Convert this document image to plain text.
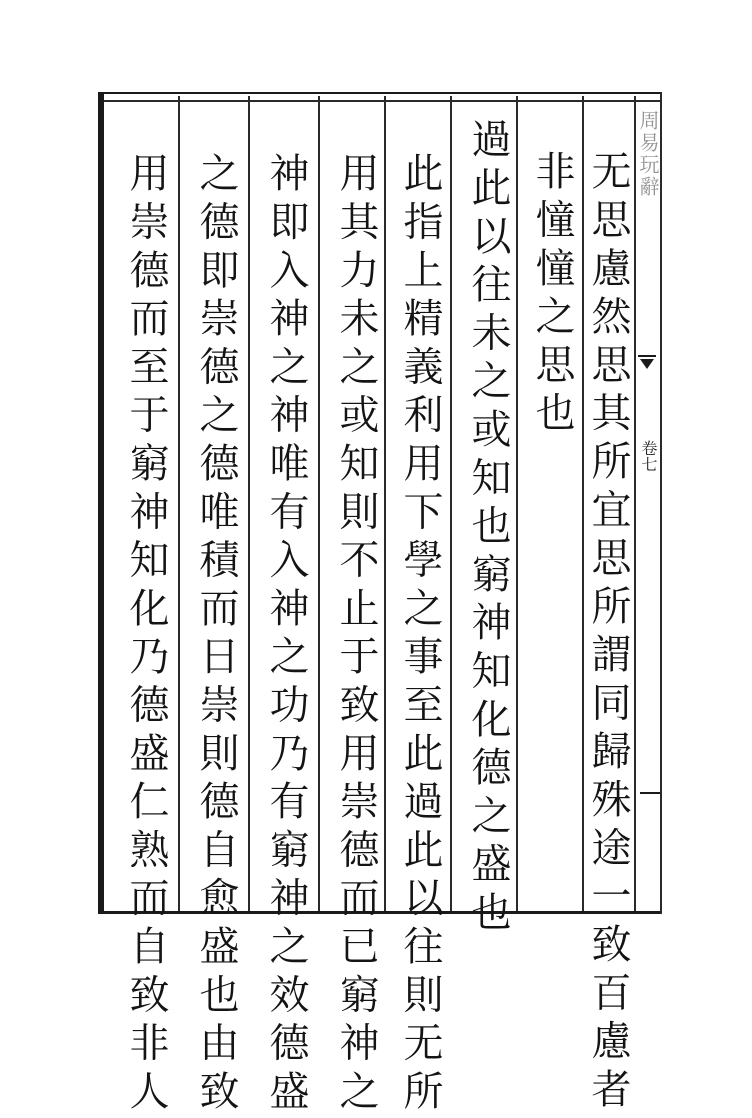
周易玩辭
卷七
无思慮然思其所宜思所謂同歸殊途一致百慮者
非憧憧之思也
過此以往未之或知也窮神知化德之盛也
此指上精義利用下學之事至此過此以往則无所
用其力未之或知則不止于致用崇德而已窮神之
神即入神之神唯有入神之功乃有窮神之效德盛
之德即崇德之德唯積而日崇則德自愈盛也由致
用崇德而至于窮神知化乃德盛仁熟而自致非人
